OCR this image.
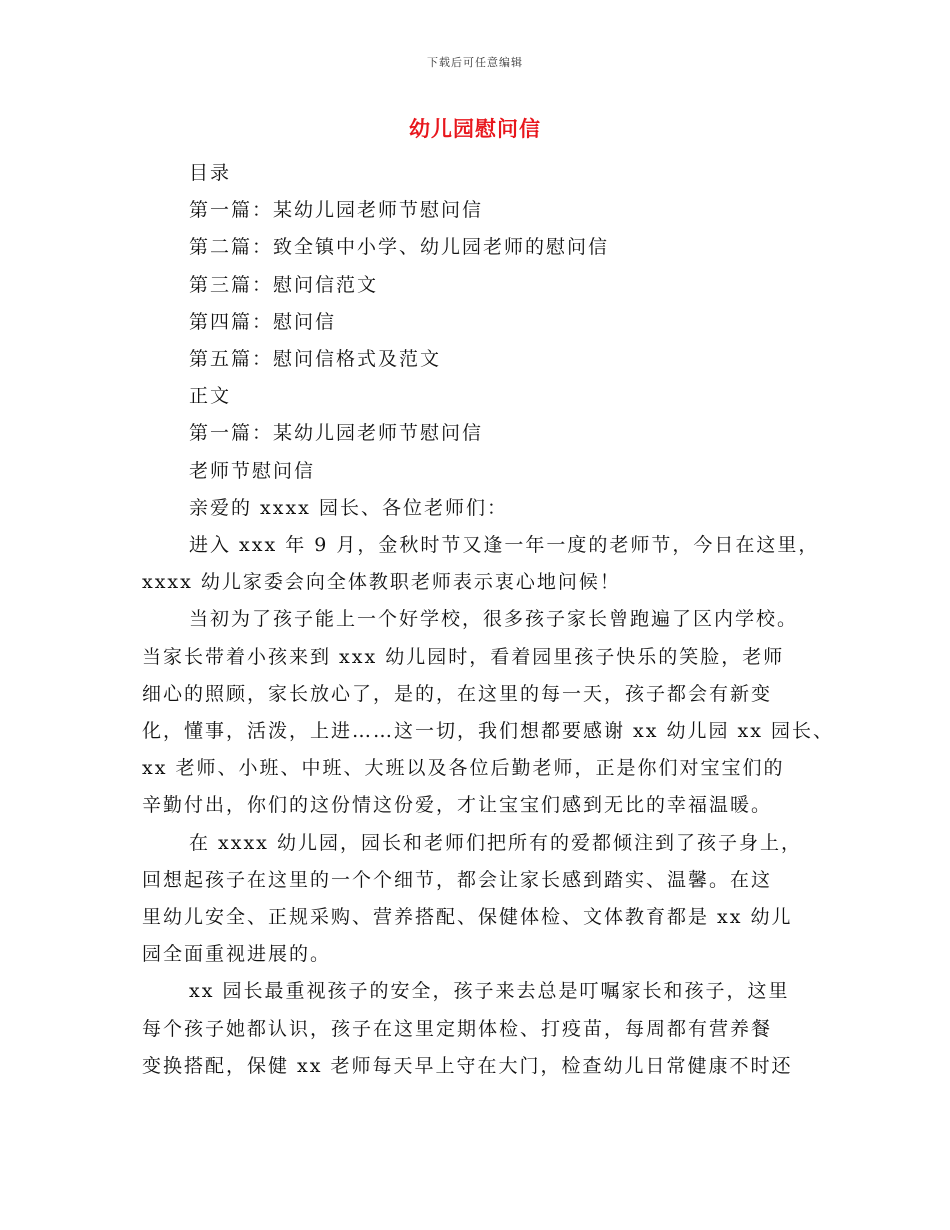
下载后可任意编辑
幼儿园慰问信

目录

第一篇：某幼儿园老师节慰问信

第二篇：致全镇中小学、幼儿园老师的慰问信

第三篇：慰问信范文

第四篇：慰问信

第五篇：慰问信格式及范文

正文

第一篇：某幼儿园老师节慰问信

老师节慰问信

亲爱的 xxxx 园长、各位老师们：

进入 xxx 年 9 月，金秋时节又逢一年一度的老师节，今日在这里，

xxxx 幼儿家委会向全体教职老师表示衷心地问候！

当初为了孩子能上一个好学校，很多孩子家长曾跑遍了区内学校。

当家长带着小孩来到 xxx 幼儿园时，看着园里孩子快乐的笑脸，老师

细心的照顾，家长放心了，是的，在这里的每一天，孩子都会有新变

化，懂事，活泼，上进……这一切，我们想都要感谢 xx 幼儿园 xx 园长、

xx 老师、小班、中班、大班以及各位后勤老师，正是你们对宝宝们的

辛勤付出，你们的这份情这份爱，才让宝宝们感到无比的幸福温暖。

在 xxxx 幼儿园，园长和老师们把所有的爱都倾注到了孩子身上，

回想起孩子在这里的一个个细节，都会让家长感到踏实、温馨。在这

里幼儿安全、正规采购、营养搭配、保健体检、文体教育都是 xx 幼儿

园全面重视进展的。

xx 园长最重视孩子的安全，孩子来去总是叮嘱家长和孩子，这里

每个孩子她都认识，孩子在这里定期体检、打疫苗，每周都有营养餐

变换搭配，保健 xx 老师每天早上守在大门，检查幼儿日常健康不时还
